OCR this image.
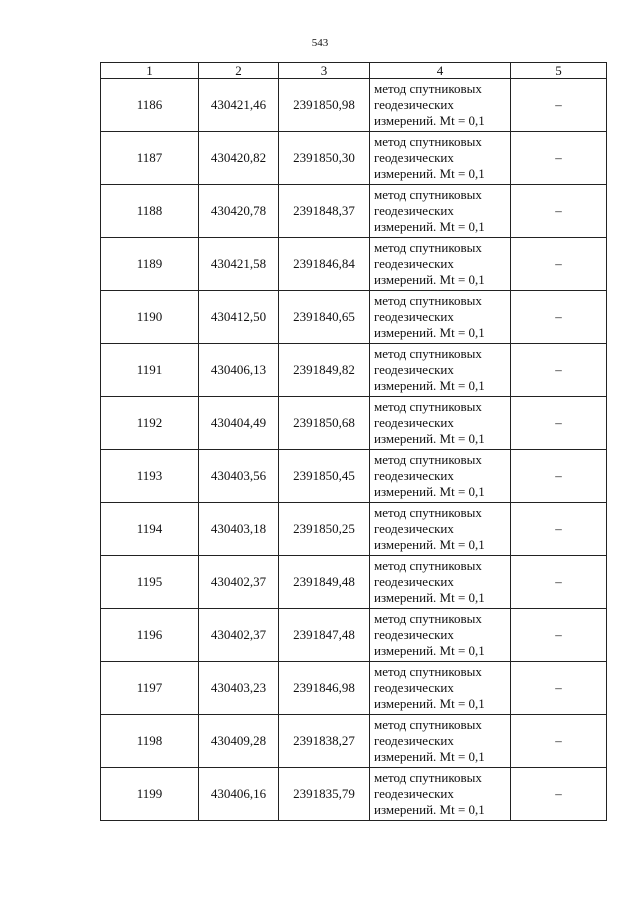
543
1	2	3	4	5
1186	430421,46	2391850,98	метод спутниковых
геодезических
измерений. Mt = 0,1	–
1187	430420,82	2391850,30	метод спутниковых
геодезических
измерений. Mt = 0,1	–
1188	430420,78	2391848,37	метод спутниковых
геодезических
измерений. Mt = 0,1	–
1189	430421,58	2391846,84	метод спутниковых
геодезических
измерений. Mt = 0,1	–
1190	430412,50	2391840,65	метод спутниковых
геодезических
измерений. Mt = 0,1	–
1191	430406,13	2391849,82	метод спутниковых
геодезических
измерений. Mt = 0,1	–
1192	430404,49	2391850,68	метод спутниковых
геодезических
измерений. Mt = 0,1	–
1193	430403,56	2391850,45	метод спутниковых
геодезических
измерений. Mt = 0,1	–
1194	430403,18	2391850,25	метод спутниковых
геодезических
измерений. Mt = 0,1	–
1195	430402,37	2391849,48	метод спутниковых
геодезических
измерений. Mt = 0,1	–
1196	430402,37	2391847,48	метод спутниковых
геодезических
измерений. Mt = 0,1	–
1197	430403,23	2391846,98	метод спутниковых
геодезических
измерений. Mt = 0,1	–
1198	430409,28	2391838,27	метод спутниковых
геодезических
измерений. Mt = 0,1	–
1199	430406,16	2391835,79	метод спутниковых
геодезических
измерений. Mt = 0,1	–
